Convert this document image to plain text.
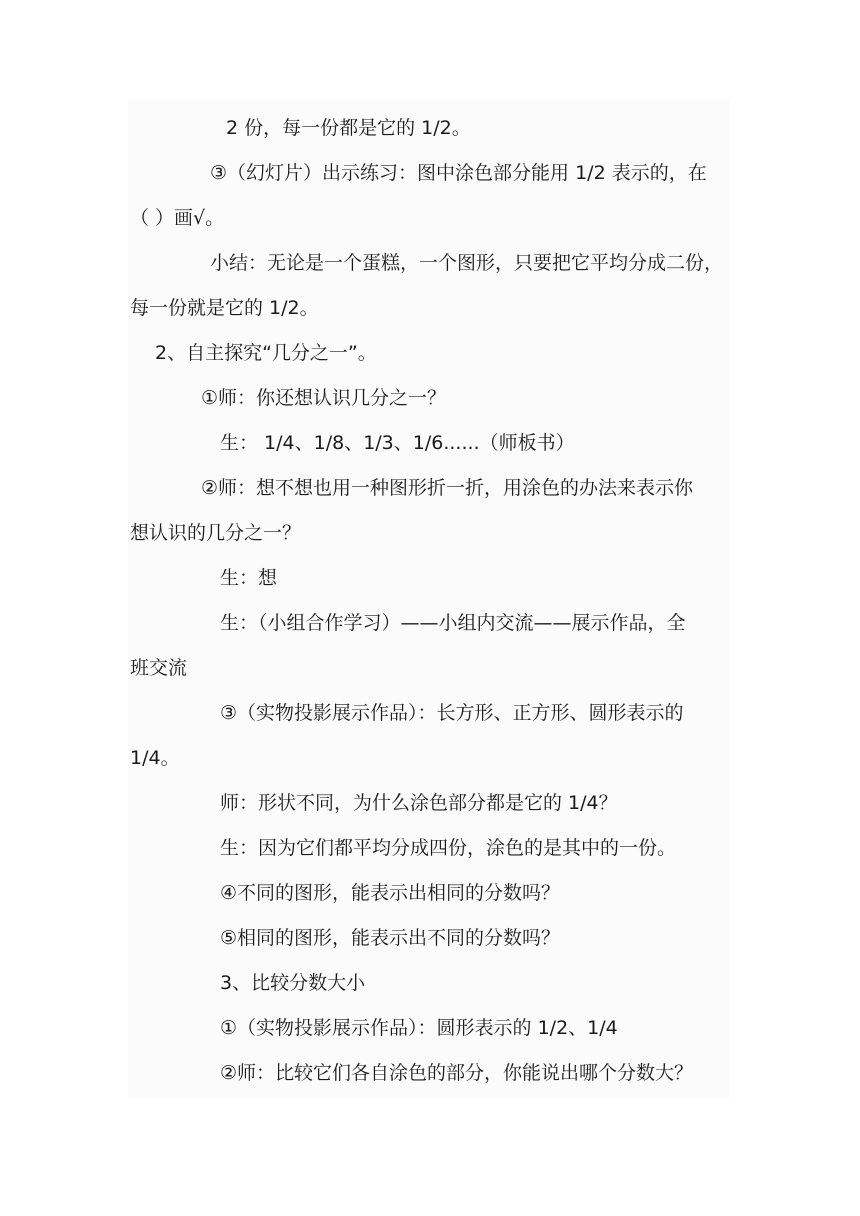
2 份，每一份都是它的 1/2。
③（幻灯片）出示练习：图中涂色部分能用 1/2 表示的，在
（ ）画√。
小结：无论是一个蛋糕，一个图形，只要把它平均分成二份，
每一份就是它的 1/2。
2、自主探究“几分之一”。
①师：你还想认识几分之一？
生： 1/4、1/8、1/3、1/6......（师板书）
②师：想不想也用一种图形折一折，用涂色的办法来表示你
想认识的几分之一？
生：想
生：（小组合作学习）——小组内交流——展示作品，全
班交流
③（实物投影展示作品）：长方形、正方形、圆形表示的
1/4。
师：形状不同，为什么涂色部分都是它的 1/4？
生：因为它们都平均分成四份，涂色的是其中的一份。
④不同的图形，能表示出相同的分数吗？
⑤相同的图形，能表示出不同的分数吗？
3、比较分数大小
①（实物投影展示作品）：圆形表示的 1/2、1/4
②师：比较它们各自涂色的部分，你能说出哪个分数大？
